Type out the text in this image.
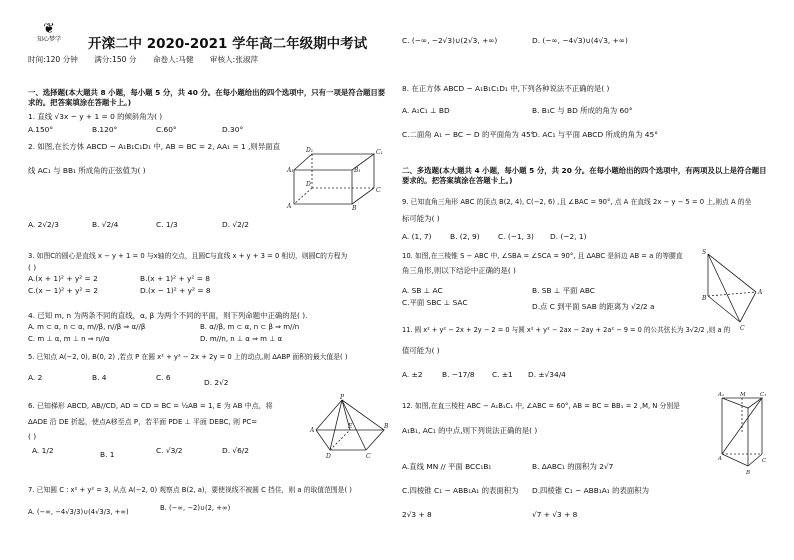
❦
知心梦学	开滦二中 2020-2021 学年高二年级期中考试
时间:120 分钟 满分:150 分 命卷人:马健 审核人:张淑萍
一、选择题(本大题共 8 小题，每小题 5 分，共 40 分。在每小题给出的四个选项中，只有一项是符合题目要求的。把答案填涂在答题卡上。)
1. 直线 √3x − y + 1 = 0 的倾斜角为( )
A.150°	B.120°	C.60°	D.30°
2. 如图,在长方体 ABCD − A₁B₁C₁D₁ 中, AB = BC = 2, AA₁ = 1 ,则异面直
线 AC₁ 与 BB₁ 所成角的正弦值为( )	A₁	B₁
C₁
D₁
A	B
C
D
A. 2√2/3	B. √2/4	C. 1/3	D. √2/2
3. 如图C的圆心是直线 x − y + 1 = 0 与x轴的交点，且圆C与直线 x + y + 3 = 0 相切，则圆C的方程为
( )
A.(x + 1)² + y² = 2	B.(x + 1)² + y² = 8
C.(x − 1)² + y² = 2	D.(x − 1)² + y² = 8
4. 已知 m, n 为两条不同的直线，α, β 为两个不同的平面，则下列命题中正确的是( ).
A. m ⊂ α, n ⊂ α, m//β, n//β ⇒ α//β	B. α//β, m ⊂ α, n ⊂ β ⇒ m//n
C. m ⊥ α, m ⊥ n ⇒ n//α	D. m//n, n ⊥ α ⇒ m ⊥ α
5. 已知点 A(−2, 0), B(0, 2) ,若点 P 在圆 x² + y² − 2x + 2y = 0 上的动点,则 ΔABP 面积的最大值是( )
A. 2	B. 4	C. 6
D. 2√2
6. 已知梯形 ABCD, AB//CD, AD = CD = BC = ½AB = 1, E 为 AB 中点，将
ΔADE 沿 DE 折起，使点A移至点 P，若平面 PDE ⊥ 平面 DEBC, 则 PC=
( )
P
A
B
C
D
E
A. 1/2	B. 1	C. √3/2	D. √6/2
7. 已知圆 C : x² + y² = 3, 从点 A(−2, 0) 观察点 B(2, a)，要使视线不被圆 C 挡住，则 a 的取值范围是( )
A. (−∞, −4√3/3)∪(4√3/3, +∞)	B. (−∞, −2)∪(2, +∞)
C. (−∞, −2√3)∪(2√3, +∞)	D. (−∞, −4√3)∪(4√3, +∞)
8. 在正方体 ABCD − A₁B₁C₁D₁ 中,下列各种说法不正确的是( )
A. A₁C₁ ⊥ BD	B. B₁C 与 BD 所成的角为 60°
C.二面角 A₁ − BC − D 的平面角为 45°
D. AC₁ 与平面 ABCD 所成的角为 45°
二、多选题(本大题共 4 小题，每小题 5 分，共 20 分。在每小题给出的四个选项中，有两项及以上是符合题目要求的。把答案填涂在答题卡上。)
9. 已知直角三角形 ABC 的顶点 B(2, 4), C(−2, 6) ,且 ∠BAC = 90°, 点 A 在直线 2x − y − 5 = 0 上,则点 A 的坐
标可能为( )
A. (1, 7)	B. (2, 9) C. (−1, 3) D. (−2, 1)
10. 如图,在三棱锥 S − ABC 中, ∠SBA = ∠SCA = 90°, 且 ΔABC 是斜边 AB = a 的等腰直
角三角形,则以下结论中正确的是( )
S
B
A
C
A. SB ⊥ AC	B. SB ⊥ 平面 ABC
C.平面 SBC ⊥ SAC	D.点 C 到平面 SAB 的距离为 √2/2 a
11. 圆 x² + y² − 2x + 2y − 2 = 0 与圆 x² + y² − 2ax − 2ay + 2a² − 9 = 0 的公共弦长为 3√2/2 ,则 a 的
值可能为( )
A. ±2	B. −17/8 C. ±1 D. ±√34/4
12. 如图,在直三棱柱 ABC − A₁B₁C₁ 中, ∠ABC = 60°, AB = BC = BB₁ = 2 ,M, N 分别是
A₁B₁, AC₁ 的中点,则下列说法正确的是( )
A₁	C₁
M
A
B
C
A.直线 MN // 平面 BCC₁B₁	B. ΔABC₁ 的面积为 2√7
C.四棱锥 C₁ − ABB₁A₁ 的表面积为 D.四棱锥 C₁ − ABB₁A₁ 的表面积为
2√3 + 8	√7 + √3 + 8
